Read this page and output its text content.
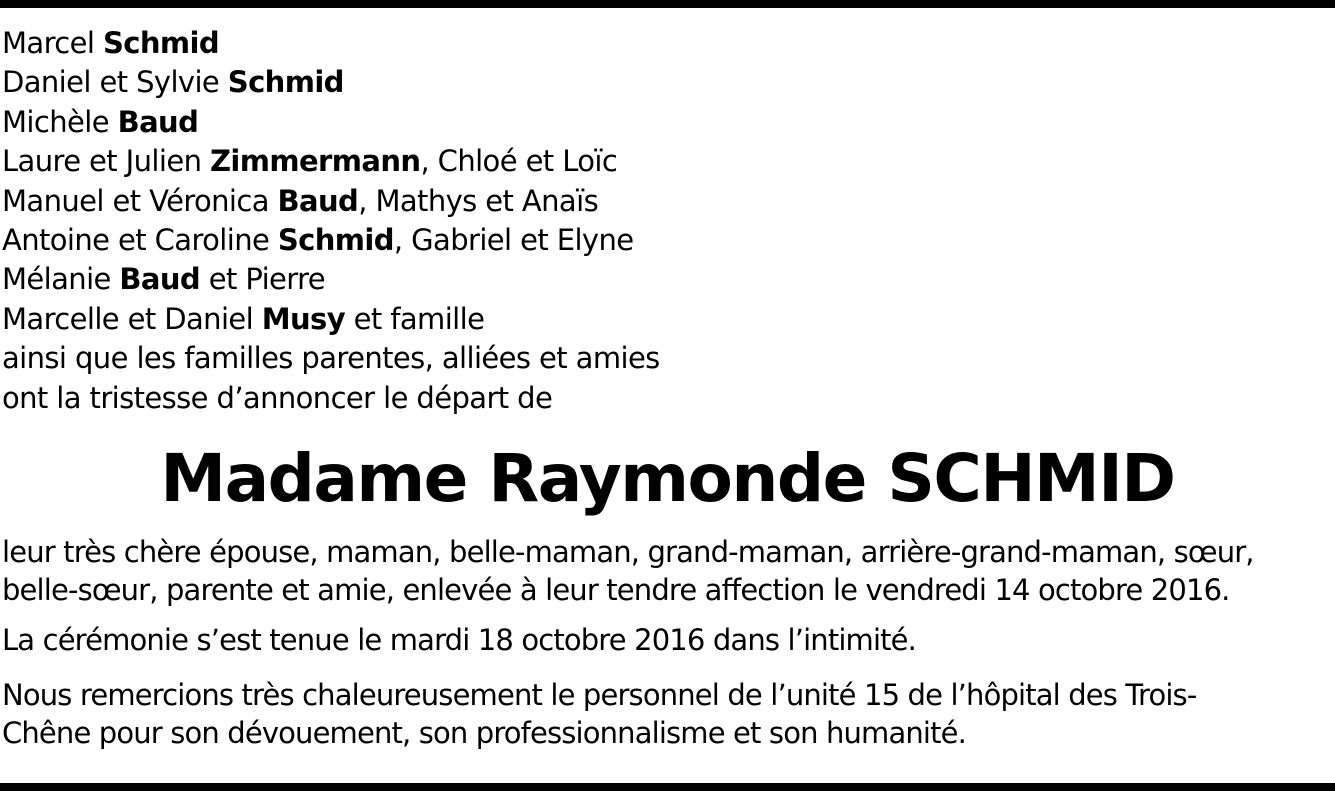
Marcel Schmid
Daniel et Sylvie Schmid
Michèle Baud
Laure et Julien Zimmermann, Chloé et Loïc
Manuel et Véronica Baud, Mathys et Anaïs
Antoine et Caroline Schmid, Gabriel et Elyne
Mélanie Baud et Pierre
Marcelle et Daniel Musy et famille
ainsi que les familles parentes, alliées et amies
ont la tristesse d’annoncer le départ de
Madame Raymonde SCHMID
leur très chère épouse, maman, belle-maman, grand-maman, arrière-grand-maman, sœur,
belle-sœur, parente et amie, enlevée à leur tendre affection le vendredi 14 octobre 2016.
La cérémonie s’est tenue le mardi 18 octobre 2016 dans l’intimité.
Nous remercions très chaleureusement le personnel de l’unité 15 de l’hôpital des Trois-
Chêne pour son dévouement, son professionnalisme et son humanité.
